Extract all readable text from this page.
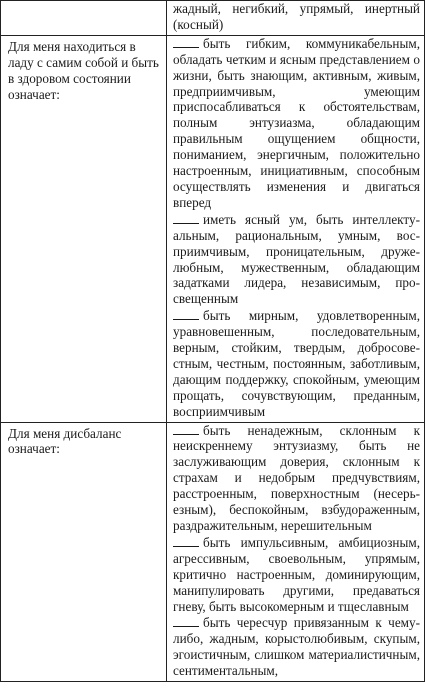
	жадный, негибкий, упрямый, инертный (косный)

Для меня находиться в ладу с самим собой и быть в здоровом состоянии означает:	быть гибким, коммуникабельным, обладать четким и ясным представлением о жизни, быть знающим, активным, живым, предприимчивым, умеющим приспосабливаться к обстоятельствам, полным энтузиазма, обладающим правильным ощущением общности, пониманием, энергичным, положительно настроенным, инициативным, способным осуществлять изменения и двигаться вперед

иметь ясный ум, быть интеллектуальным, рациональным, умным, восприимчивым, проницательным, дружелюбным, мужественным, обладающим задатками лидера, независимым, просвещенным

быть мирным, удовлетворенным, уравновешенным, последовательным, верным, стойким, твердым, добросовестным, честным, постоянным, заботливым, дающим поддержку, спокойным, умеющим прощать, сочувствующим, преданным, восприимчивым

Для меня дисбаланс означает:	быть ненадежным, склонным к неискреннему энтузиазму, быть не заслуживающим доверия, склонным к страхам и недобрым предчувствиям, расстроенным, поверхностным (несерьезным), беспокойным, взбудораженным, раздражительным, нерешительным

быть импульсивным, амбициозным, агрессивным, своевольным, упрямым, критично настроенным, доминирующим, манипулировать другими, предаваться гневу, быть высокомерным и тщеславным

быть чересчур привязанным к чему-либо, жадным, корыстолюбивым, скупым, эгоистичным, слишком материалистичным, сентиментальным,
